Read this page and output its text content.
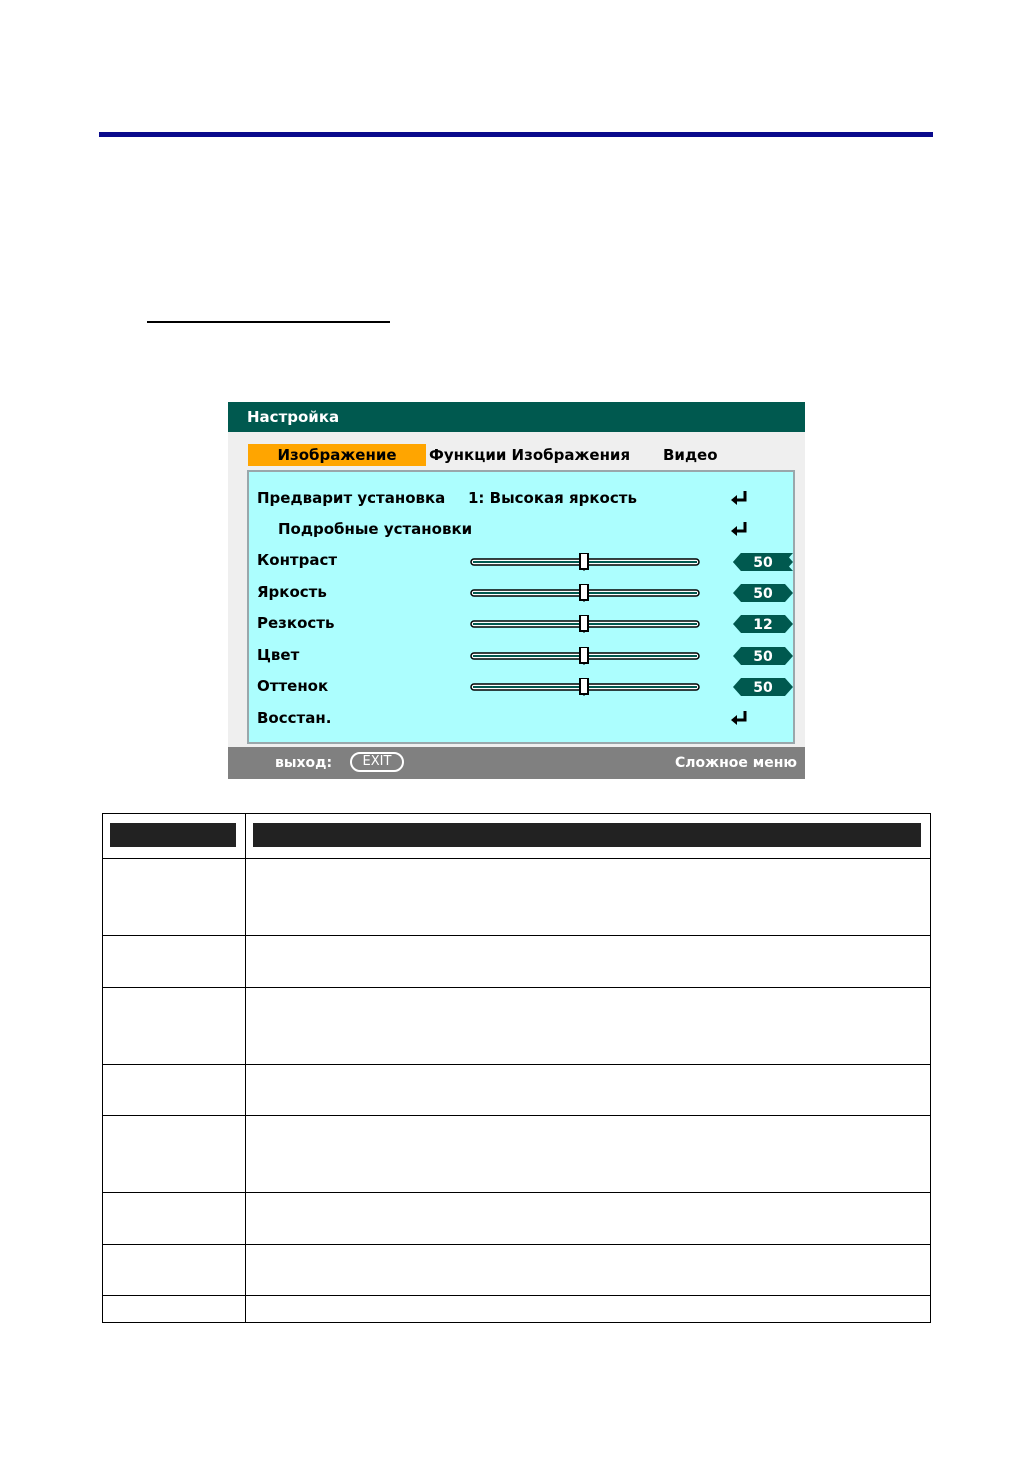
Настройка
Изображение	Функции Изображения Видео
Предварит установка 1: Высокая яркость
Подробные установки
Контраст	50
Яркость	50
Резкость	12
Цвет	50
Оттенок	50
Восстан.
выход:	EXIT	Сложное меню
